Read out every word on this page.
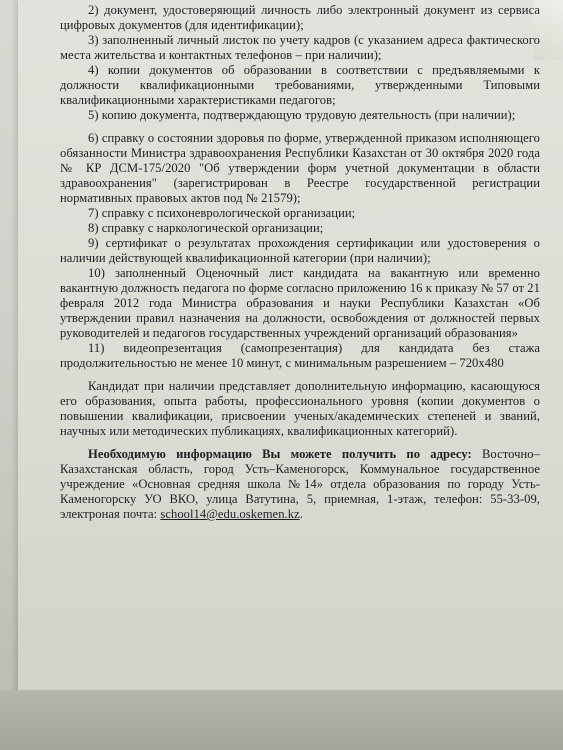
2) документ, удостоверяющий личность либо электронный документ из сервиса цифровых документов (для идентификации);

3) заполненный личный листок по учету кадров (с указанием адреса фактического места жительства и контактных телефонов – при наличии);

4) копии документов об образовании в соответствии с предъявляемыми к должности квалификационными требованиями, утвержденными Типовыми квалификационными характеристиками педагогов;

5) копию документа, подтверждающую трудовую деятельность (при наличии);

6) справку о состоянии здоровья по форме, утвержденной приказом исполняющего обязанности Министра здравоохранения Республики Казахстан от 30 октября 2020 года № КР ДСМ-175/2020 "Об утверждении форм учетной документации в области здравоохранения" (зарегистрирован в Реестре государственной регистрации нормативных правовых актов под № 21579);

7) справку с психоневрологической организации;

8) справку с наркологической организации;

9) сертификат о результатах прохождения сертификации или удостоверения о наличии действующей квалификационной категории (при наличии);

10) заполненный Оценочный лист кандидата на вакантную или временно вакантную должность педагога по форме согласно приложению 16 к приказу № 57 от 21 февраля 2012 года Министра образования и науки Республики Казахстан «Об утверждении правил назначения на должности, освобождения от должностей первых руководителей и педагогов государственных учреждений организаций образования»

11) видеопрезентация (самопрезентация) для кандидата без стажа продолжительностью не менее 10 минут, с минимальным разрешением – 720х480

Кандидат при наличии представляет дополнительную информацию, касающуюся его образования, опыта работы, профессионального уровня (копии документов о повышении квалификации, присвоении ученых/академических степеней и званий, научных или методических публикациях, квалификационных категорий).

Необходимую информацию Вы можете получить по адресу: Восточно–Казахстанская область, город Усть–Каменогорск, Коммунальное государственное учреждение «Основная средняя школа №14» отдела образования по городу Усть-Каменогорску УО ВКО, улица Ватутина, 5, приемная, 1-этаж, телефон: 55-33-09, электроная почта: school14@edu.oskemen.kz.
